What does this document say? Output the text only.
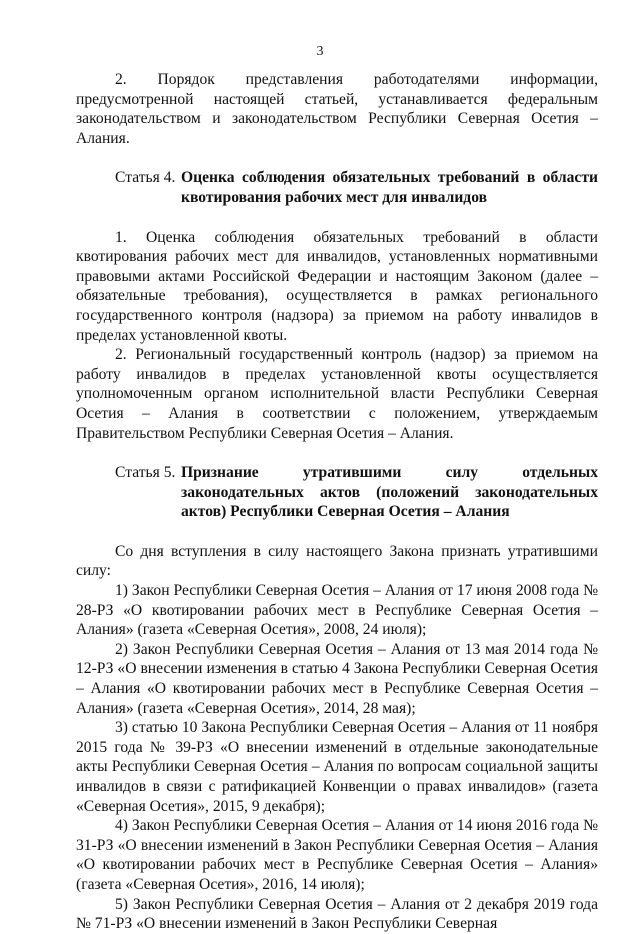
3

2. Порядок представления работодателями информации, предусмотренной настоящей статьей, устанавливается федеральным законодательством и законодательством Республики Северная Осетия – Алания.

Статья 4. Оценка соблюдения обязательных требований в области квотирования рабочих мест для инвалидов

1. Оценка соблюдения обязательных требований в области квотирования рабочих мест для инвалидов, установленных нормативными правовыми актами Российской Федерации и настоящим Законом (далее – обязательные требования), осуществляется в рамках регионального государственного контроля (надзора) за приемом на работу инвалидов в пределах установленной квоты.

2. Региональный государственный контроль (надзор) за приемом на работу инвалидов в пределах установленной квоты осуществляется уполномоченным органом исполнительной власти Республики Северная Осетия – Алания в соответствии с положением, утверждаемым Правительством Республики Северная Осетия – Алания.

Статья 5. Признание утратившими силу отдельных законодательных актов (положений законодательных актов) Республики Северная Осетия – Алания

Со дня вступления в силу настоящего Закона признать утратившими силу:

1) Закон Республики Северная Осетия – Алания от 17 июня 2008 года № 28-РЗ «О квотировании рабочих мест в Республике Северная Осетия – Алания» (газета «Северная Осетия», 2008, 24 июля);

2) Закон Республики Северная Осетия – Алания от 13 мая 2014 года № 12-РЗ «О внесении изменения в статью 4 Закона Республики Северная Осетия – Алания «О квотировании рабочих мест в Республике Северная Осетия – Алания» (газета «Северная Осетия», 2014, 28 мая);

3) статью 10 Закона Республики Северная Осетия – Алания от 11 ноября 2015 года № 39-РЗ «О внесении изменений в отдельные законодательные акты Республики Северная Осетия – Алания по вопросам социальной защиты инвалидов в связи с ратификацией Конвенции о правах инвалидов» (газета «Северная Осетия», 2015, 9 декабря);

4) Закон Республики Северная Осетия – Алания от 14 июня 2016 года № 31-РЗ «О внесении изменений в Закон Республики Северная Осетия – Алания «О квотировании рабочих мест в Республике Северная Осетия – Алания» (газета «Северная Осетия», 2016, 14 июля);

5) Закон Республики Северная Осетия – Алания от 2 декабря 2019 года № 71-РЗ «О внесении изменений в Закон Республики Северная
